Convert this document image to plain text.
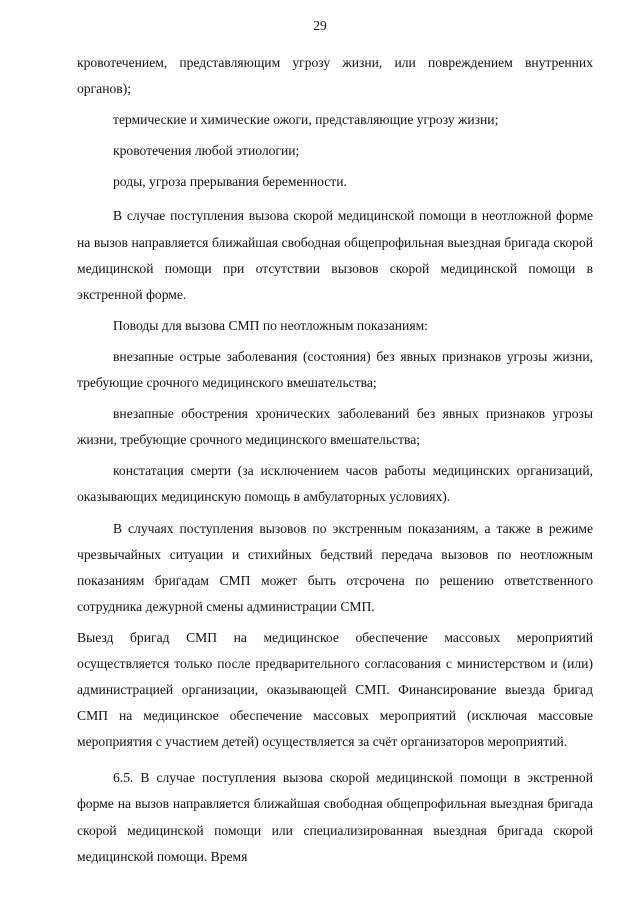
29

кровотечением, представляющим угрозу жизни, или повреждением внутренних органов);

термические и химические ожоги, представляющие угрозу жизни;

кровотечения любой этиологии;

роды, угроза прерывания беременности.

В случае поступления вызова скорой медицинской помощи в неотложной форме на вызов направляется ближайшая свободная общепрофильная выездная бригада скорой медицинской помощи при отсутствии вызовов скорой медицинской помощи в экстренной форме.

Поводы для вызова СМП по неотложным показаниям:

внезапные острые заболевания (состояния) без явных признаков угрозы жизни, требующие срочного медицинского вмешательства;

внезапные обострения хронических заболеваний без явных признаков угрозы жизни, требующие срочного медицинского вмешательства;

констатация смерти (за исключением часов работы медицинских организаций, оказывающих медицинскую помощь в амбулаторных условиях).

В случаях поступления вызовов по экстренным показаниям, а также в режиме чрезвычайных ситуации и стихийных бедствий передача вызовов по неотложным показаниям бригадам СМП может быть отсрочена по решению ответственного сотрудника дежурной смены администрации СМП.

Выезд бригад СМП на медицинское обеспечение массовых мероприятий осуществляется только после предварительного согласования с министерством и (или) администрацией организации, оказывающей СМП. Финансирование выезда бригад СМП на медицинское обеспечение массовых мероприятий (исключая массовые мероприятия с участием детей) осуществляется за счёт организаторов мероприятий.

6.5. В случае поступления вызова скорой медицинской помощи в экстренной форме на вызов направляется ближайшая свободная общепрофильная выездная бригада скорой медицинской помощи или специализированная выездная бригада скорой медицинской помощи. Время
